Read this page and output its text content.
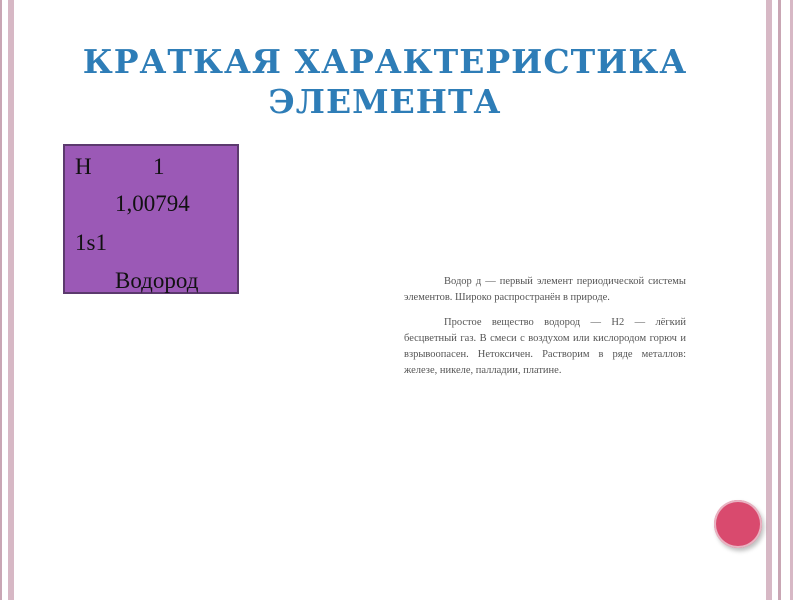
КРАТКАЯ ХАРАКТЕРИСТИКА
ЭЛЕМЕНТА
H	1
1,00794
1s1
Водород	Водор д — первый элемент периодической системы элементов. Широко распространён в природе.

Простое вещество водород — H2 — лёгкий бесцветный газ. В смеси с воздухом или кислородом горюч и взрывоопасен. Нетоксичен. Растворим в ряде металлов: железе, никеле, палладии, платине.
